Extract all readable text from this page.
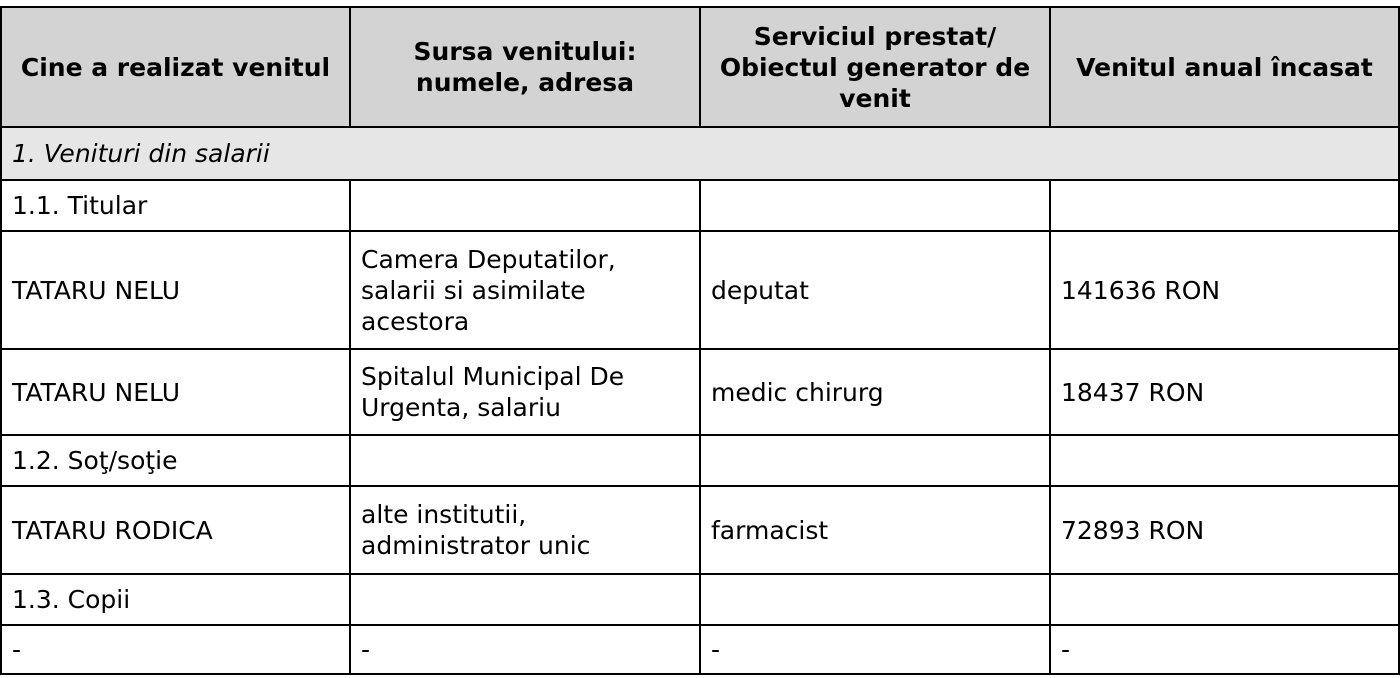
Cine a realizat venitul	Sursa venitului: numele, adresa	Serviciul prestat/ Obiectul generator de venit	Venitul anual încasat
1. Venituri din salarii			
1.1. Titular			
TATARU NELU	Camera Deputatilor, salarii si asimilate acestora	deputat	141636 RON
TATARU NELU	Spitalul Municipal De Urgenta, salariu	medic chirurg	18437 RON
1.2. Soţ/soţie			
TATARU RODICA	alte institutii, administrator unic	farmacist	72893 RON
1.3. Copii			
-	-	-	-
